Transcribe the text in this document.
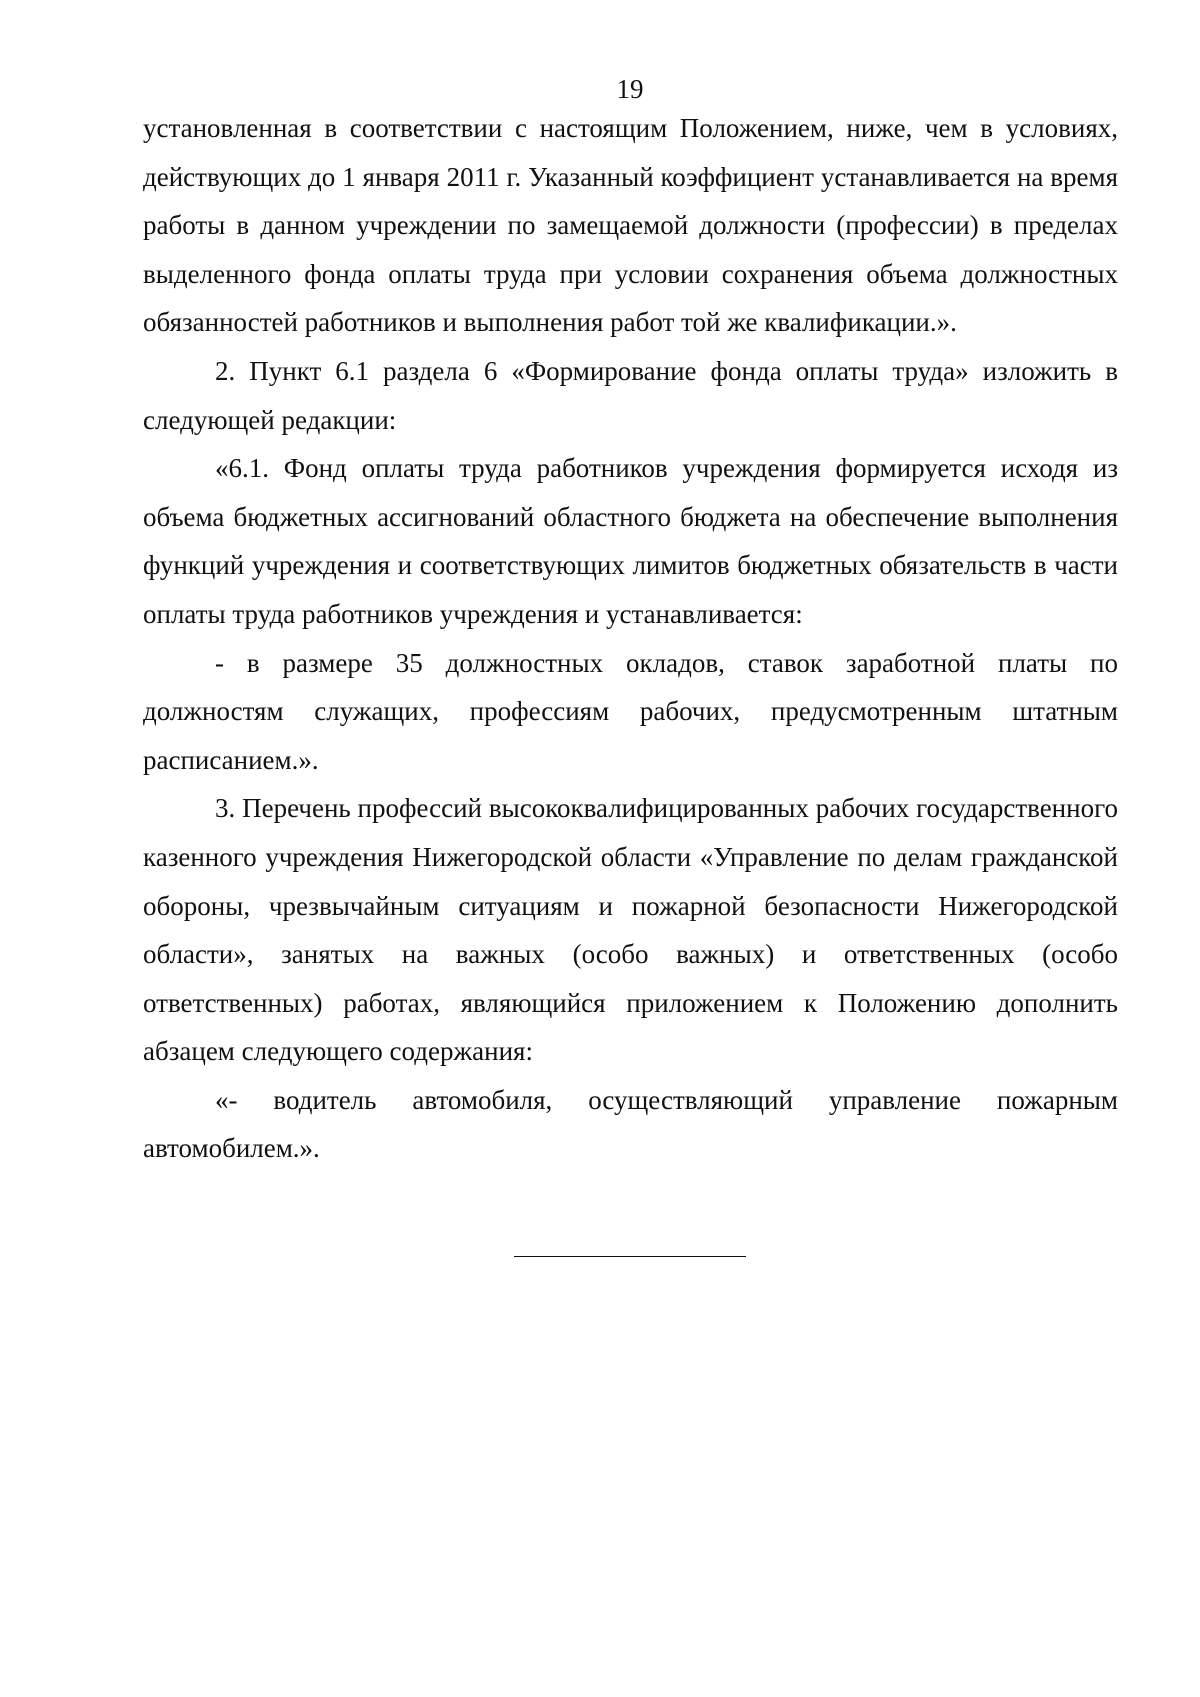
19

установленная в соответствии с настоящим Положением, ниже, чем в условиях, действующих до 1 января 2011 г. Указанный коэффициент устанавливается на время работы в данном учреждении по замещаемой должности (профессии) в пределах выделенного фонда оплаты труда при условии сохранения объема должностных обязанностей работников и выполнения работ той же квалификации.».

2. Пункт 6.1 раздела 6 «Формирование фонда оплаты труда» изложить в следующей редакции:

«6.1. Фонд оплаты труда работников учреждения формируется исходя из объема бюджетных ассигнований областного бюджета на обеспечение выполнения функций учреждения и соответствующих лимитов бюджетных обязательств в части оплаты труда работников учреждения и устанавливается:

- в размере 35 должностных окладов, ставок заработной платы по должностям служащих, профессиям рабочих, предусмотренным штатным расписанием.».

3. Перечень профессий высококвалифицированных рабочих государственного казенного учреждения Нижегородской области «Управление по делам гражданской обороны, чрезвычайным ситуациям и пожарной безопасности Нижегородской области», занятых на важных (особо важных) и ответственных (особо ответственных) работах, являющийся приложением к Положению дополнить абзацем следующего содержания:

«- водитель автомобиля, осуществляющий управление пожарным автомобилем.».
